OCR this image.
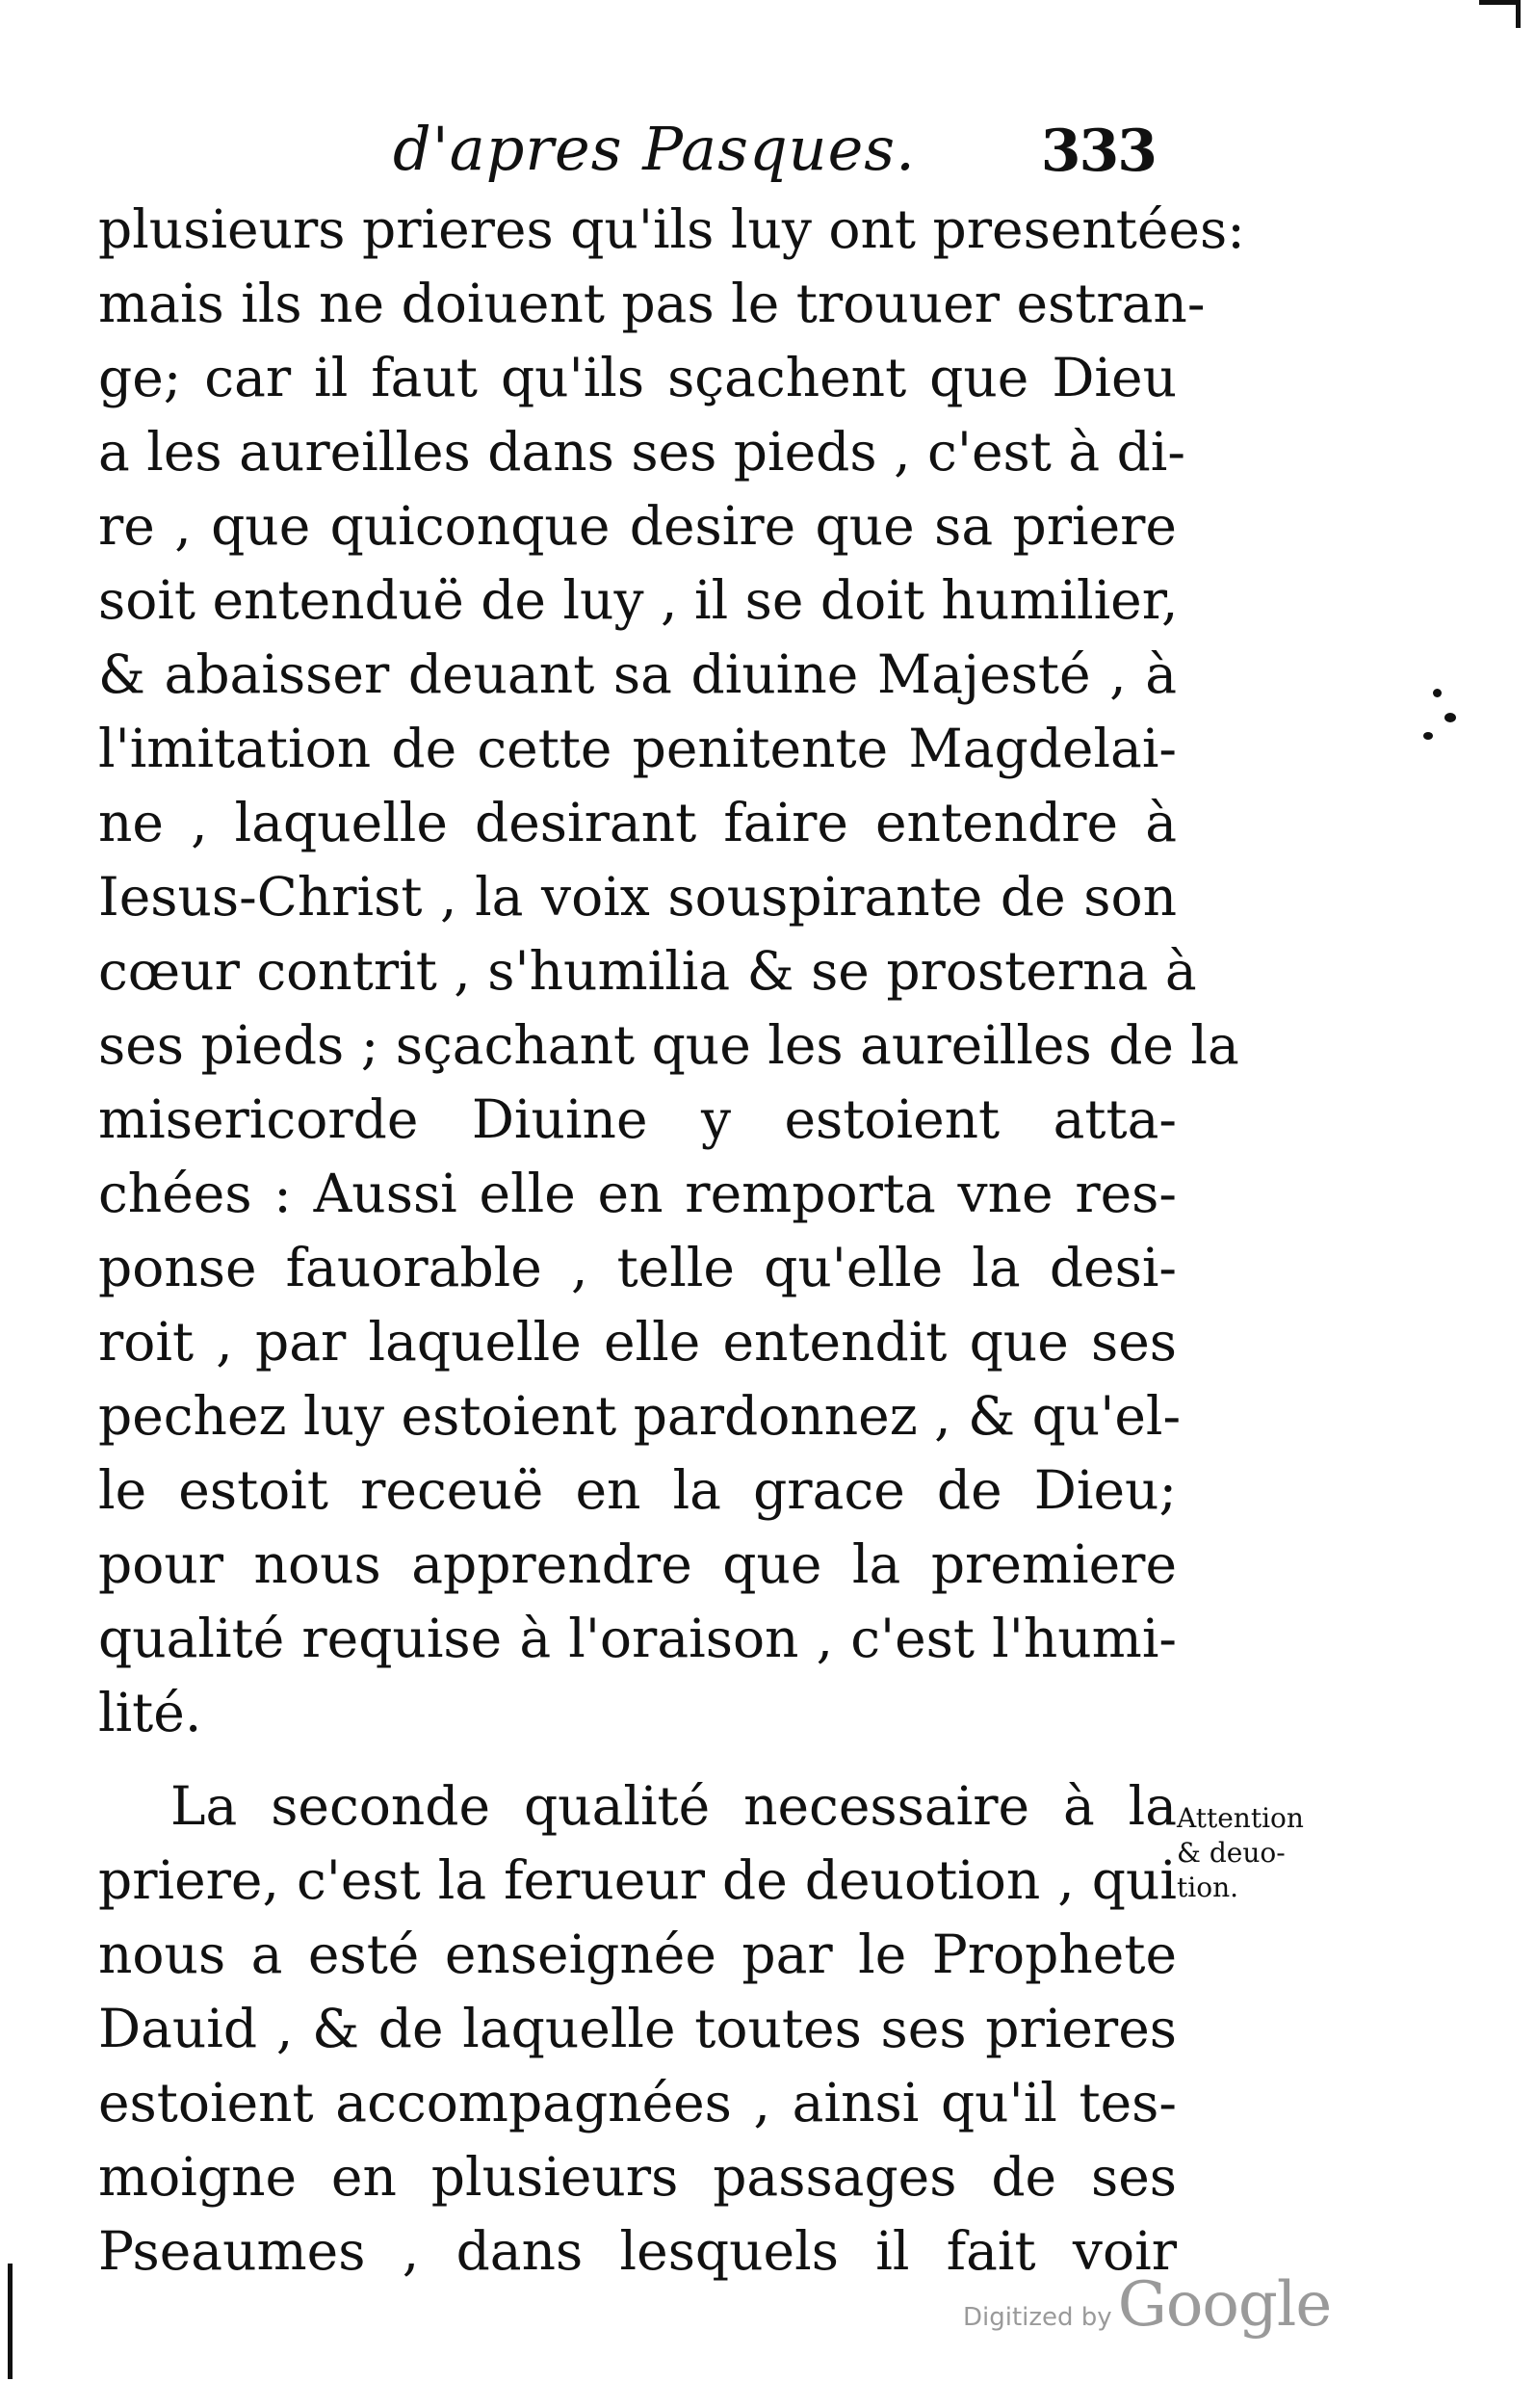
d'apres Pasques. 333
plusieurs prieres qu'ils luy ont presentées:
mais ils ne doiuent pas le trouuer estran-
ge; car il faut qu'ils sçachent que Dieu
a les aureilles dans ses pieds , c'est à di-
re , que quiconque desire que sa priere
soit entenduë de luy , il se doit humilier,
& abaisser deuant sa diuine Majesté , à
l'imitation de cette penitente Magdelai-
ne , laquelle desirant faire entendre à
Iesus-Christ , la voix souspirante de son
cœur contrit , s'humilia & se prosterna à
ses pieds ; sçachant que les aureilles de la
misericorde Diuine y estoient atta-
chées : Aussi elle en remporta vne res-
ponse fauorable , telle qu'elle la desi-
roit , par laquelle elle entendit que ses
pechez luy estoient pardonnez , & qu'el-
le estoit receuë en la grace de Dieu;
pour nous apprendre que la premiere
qualité requise à l'oraison , c'est l'humi-
lité.
La seconde qualité necessaire à la
priere, c'est la ferueur de deuotion , qui
nous a esté enseignée par le Prophete
Dauid , & de laquelle toutes ses prieres
estoient accompagnées , ainsi qu'il tes-
moigne en plusieurs passages de ses
Pseaumes , dans lesquels il fait voir
Attention
& deuo-
tion.
Digitized byGoogle
